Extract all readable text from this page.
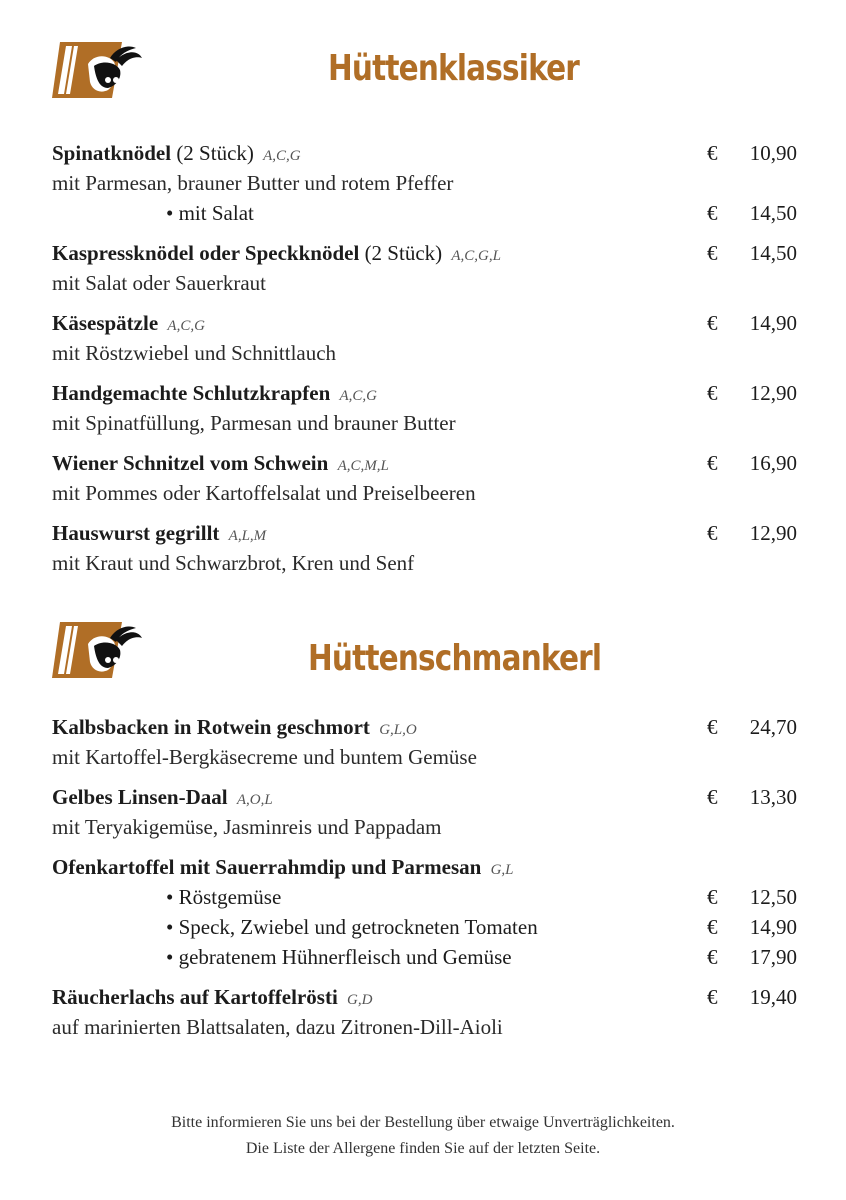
Hüttenklassiker
Spinatknödel (2 Stück) A,C,G	€ 10,90
mit Parmesan, brauner Butter und rotem Pfeffer
• mit Salat	€ 14,50
Kaspressknödel oder Speckknödel (2 Stück) A,C,G,L	€ 14,50
mit Salat oder Sauerkraut
Käsespätzle A,C,G	€ 14,90
mit Röstzwiebel und Schnittlauch
Handgemachte Schlutzkrapfen A,C,G	€ 12,90
mit Spinatfüllung, Parmesan und brauner Butter
Wiener Schnitzel vom Schwein A,C,M,L	€ 16,90
mit Pommes oder Kartoffelsalat und Preiselbeeren
Hauswurst gegrillt A,L,M	€ 12,90
mit Kraut und Schwarzbrot, Kren und Senf
Hüttenschmankerl
Kalbsbacken in Rotwein geschmort G,L,O	€ 24,70
mit Kartoffel-Bergkäsecreme und buntem Gemüse
Gelbes Linsen-Daal A,O,L	€ 13,30
mit Teryakigemüse, Jasminreis und Pappadam
Ofenkartoffel mit Sauerrahmdip und Parmesan G,L
• Röstgemüse	€ 12,50
• Speck, Zwiebel und getrockneten Tomaten	€ 14,90
• gebratenem Hühnerfleisch und Gemüse	€ 17,90
Räucherlachs auf Kartoffelrösti G,D	€ 19,40
auf marinierten Blattsalaten, dazu Zitronen-Dill-Aioli
Bitte informieren Sie uns bei der Bestellung über etwaige Unverträglichkeiten.
Die Liste der Allergene finden Sie auf der letzten Seite.
